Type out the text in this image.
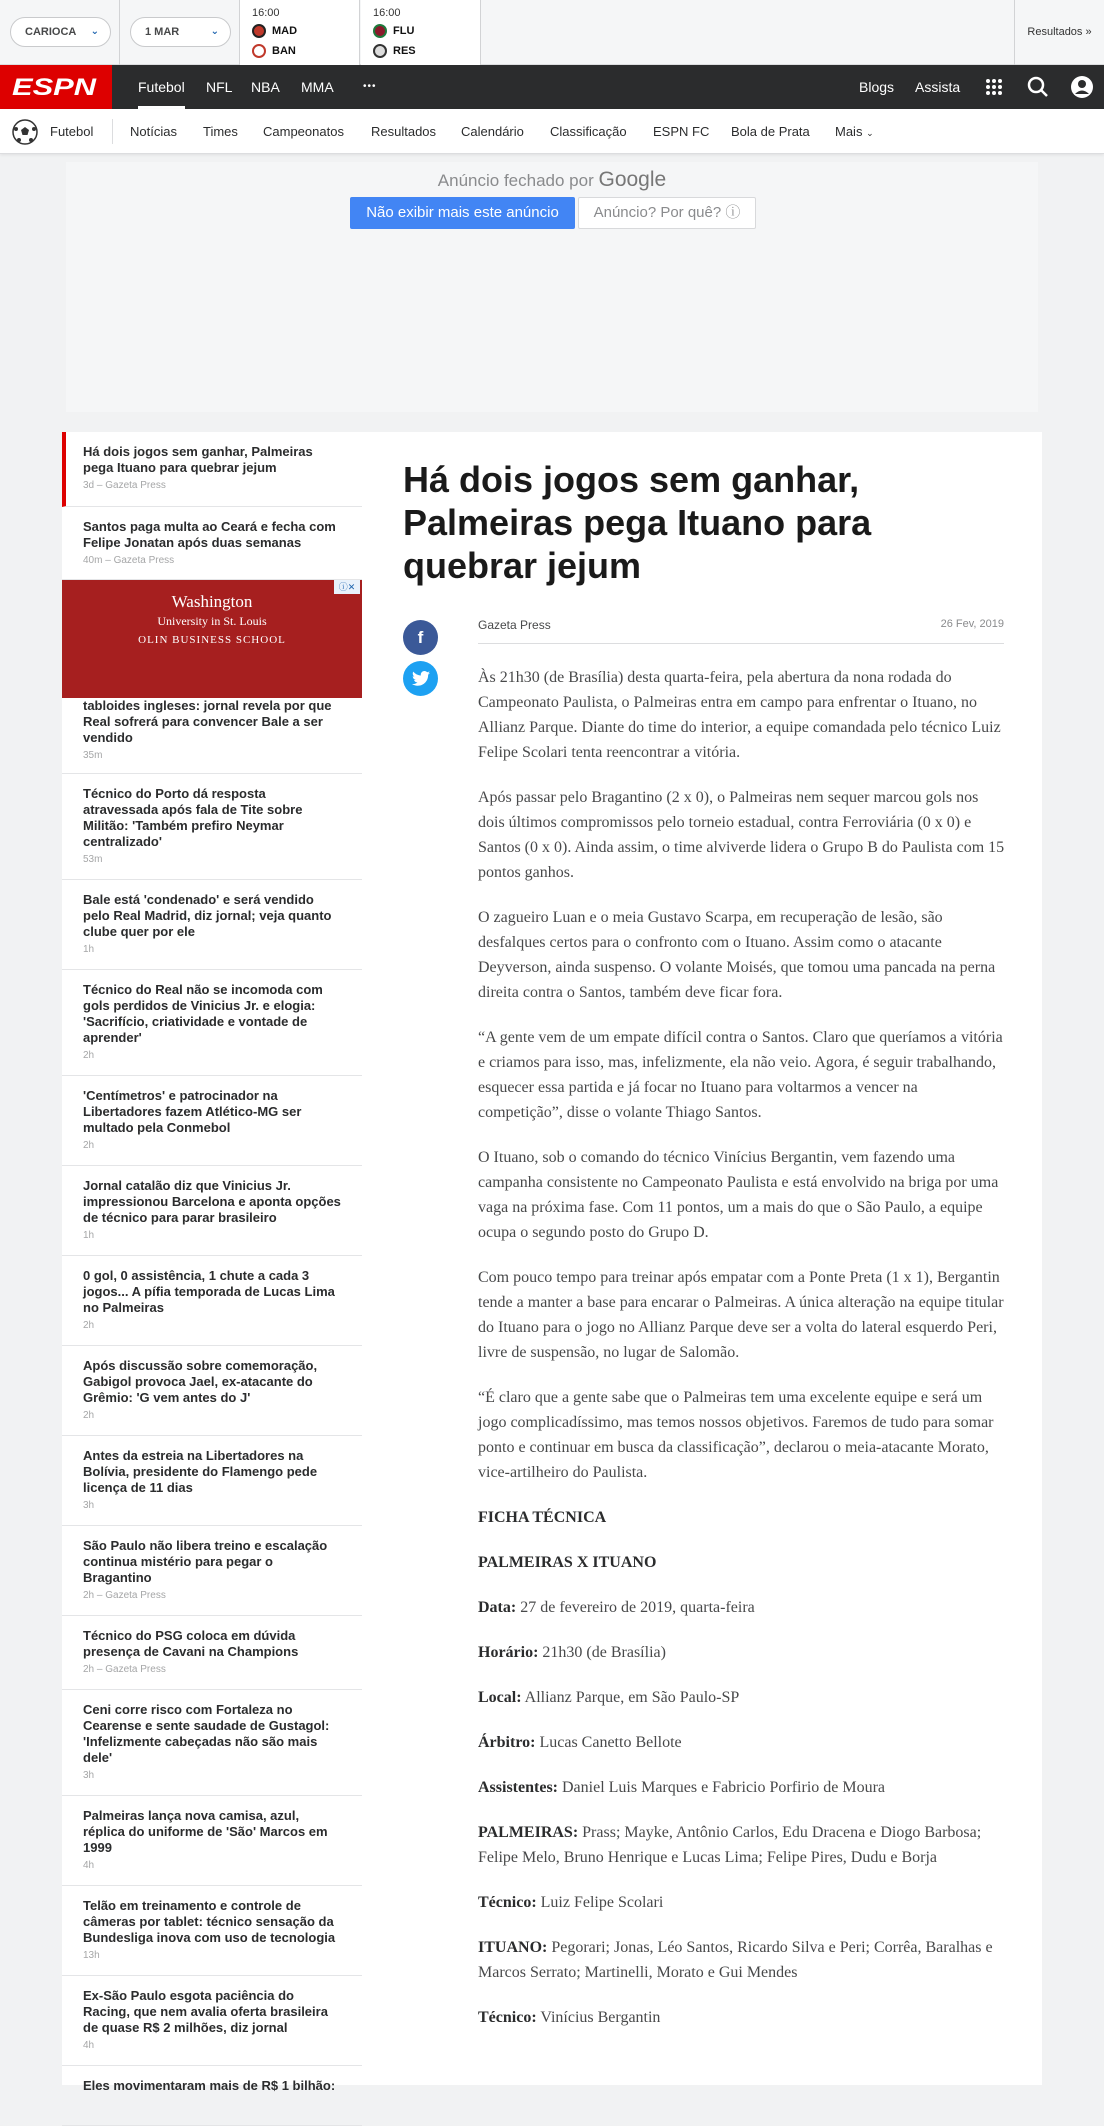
CARIOCA ⌄	1 MAR	⌄
16:00
MAD
BAN
16:00
FLU
RES
Resultados »
ESPN	Futebol NFL NBA MMA	•••	Blogs Assista
Futebol	Notícias Times Campeonatos Resultados Calendário Classificação ESPN FC Bola de Prata Mais ⌄
Anúncio fechado por Google
Não exibir mais este anúncio	Anúncio? Por quê? ⓘ
Há dois jogos sem ganhar, Palmeiras pega Ituano para quebrar jejum
3d – Gazeta Press
Santos paga multa ao Ceará e fecha com Felipe Jonatan após duas semanas
40m – Gazeta Press
tabloides ingleses: jornal revela por que Real sofrerá para convencer Bale a ser vendido
35m
Washington
University in St. Louis
OLIN BUSINESS SCHOOL
ⓘ✕
Técnico do Porto dá resposta atravessada após fala de Tite sobre Militão: 'Também prefiro Neymar centralizado'
53m
Bale está 'condenado' e será vendido pelo Real Madrid, diz jornal; veja quanto clube quer por ele
1h
Técnico do Real não se incomoda com gols perdidos de Vinicius Jr. e elogia: 'Sacrifício, criatividade e vontade de aprender'
2h
'Centímetros' e patrocinador na Libertadores fazem Atlético-MG ser multado pela Conmebol
2h
Jornal catalão diz que Vinicius Jr. impressionou Barcelona e aponta opções de técnico para parar brasileiro
1h
0 gol, 0 assistência, 1 chute a cada 3 jogos... A pífia temporada de Lucas Lima no Palmeiras
2h
Após discussão sobre comemoração, Gabigol provoca Jael, ex-atacante do Grêmio: 'G vem antes do J'
2h
Antes da estreia na Libertadores na Bolívia, presidente do Flamengo pede licença de 11 dias
3h
São Paulo não libera treino e escalação continua mistério para pegar o Bragantino
2h – Gazeta Press
Técnico do PSG coloca em dúvida presença de Cavani na Champions
2h – Gazeta Press
Ceni corre risco com Fortaleza no Cearense e sente saudade de Gustagol: 'Infelizmente cabeçadas não são mais dele'
3h
Palmeiras lança nova camisa, azul, réplica do uniforme de 'São' Marcos em 1999
4h
Telão em treinamento e controle de câmeras por tablet: técnico sensação da Bundesliga inova com uso de tecnologia
13h
Ex-São Paulo esgota paciência do Racing, que nem avalia oferta brasileira de quase R$ 2 milhões, diz jornal
4h
Eles movimentaram mais de R$ 1 bilhão:
Há dois jogos sem ganhar, Palmeiras pega Ituano para quebrar jejum
f
Gazeta Press	26 Fev, 2019

Às 21h30 (de Brasília) desta quarta-feira, pela abertura da nona rodada do Campeonato Paulista, o Palmeiras entra em campo para enfrentar o Ituano, no Allianz Parque. Diante do time do interior, a equipe comandada pelo técnico Luiz Felipe Scolari tenta reencontrar a vitória.

Após passar pelo Bragantino (2 x 0), o Palmeiras nem sequer marcou gols nos dois últimos compromissos pelo torneio estadual, contra Ferroviária (0 x 0) e Santos (0 x 0). Ainda assim, o time alviverde lidera o Grupo B do Paulista com 15 pontos ganhos.

O zagueiro Luan e o meia Gustavo Scarpa, em recuperação de lesão, são desfalques certos para o confronto com o Ituano. Assim como o atacante Deyverson, ainda suspenso. O volante Moisés, que tomou uma pancada na perna direita contra o Santos, também deve ficar fora.

“A gente vem de um empate difícil contra o Santos. Claro que queríamos a vitória e criamos para isso, mas, infelizmente, ela não veio. Agora, é seguir trabalhando, esquecer essa partida e já focar no Ituano para voltarmos a vencer na competição”, disse o volante Thiago Santos.

O Ituano, sob o comando do técnico Vinícius Bergantin, vem fazendo uma campanha consistente no Campeonato Paulista e está envolvido na briga por uma vaga na próxima fase. Com 11 pontos, um a mais do que o São Paulo, a equipe ocupa o segundo posto do Grupo D.

Com pouco tempo para treinar após empatar com a Ponte Preta (1 x 1), Bergantin tende a manter a base para encarar o Palmeiras. A única alteração na equipe titular do Ituano para o jogo no Allianz Parque deve ser a volta do lateral esquerdo Peri, livre de suspensão, no lugar de Salomão.

“É claro que a gente sabe que o Palmeiras tem uma excelente equipe e será um jogo complicadíssimo, mas temos nossos objetivos. Faremos de tudo para somar ponto e continuar em busca da classificação”, declarou o meia-atacante Morato, vice-artilheiro do Paulista.

FICHA TÉCNICA

PALMEIRAS X ITUANO

Data: 27 de fevereiro de 2019, quarta-feira

Horário: 21h30 (de Brasília)

Local: Allianz Parque, em São Paulo-SP

Árbitro: Lucas Canetto Bellote

Assistentes: Daniel Luis Marques e Fabricio Porfirio de Moura

PALMEIRAS: Prass; Mayke, Antônio Carlos, Edu Dracena e Diogo Barbosa; Felipe Melo, Bruno Henrique e Lucas Lima; Felipe Pires, Dudu e Borja

Técnico: Luiz Felipe Scolari

ITUANO: Pegorari; Jonas, Léo Santos, Ricardo Silva e Peri; Corrêa, Baralhas e Marcos Serrato; Martinelli, Morato e Gui Mendes

Técnico: Vinícius Bergantin
